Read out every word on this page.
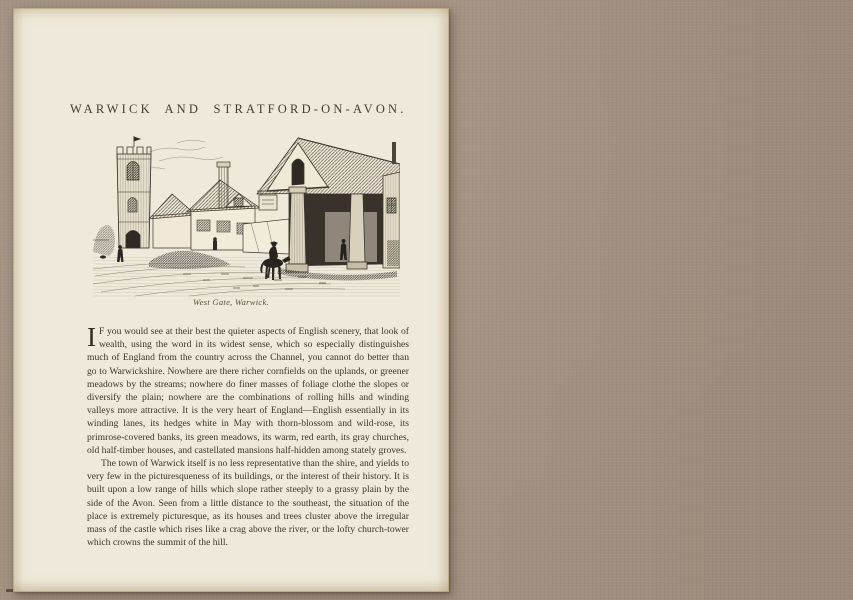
WARWICK AND STRATFORD-ON-AVON.
West Gate, Warwick.

I F you would see at their best the quieter aspects of English scenery, that look of wealth, using the word in its widest sense, which so especially distinguishes much of England from the country across the Channel, you cannot do better than go to Warwickshire. Nowhere are there richer cornfields on the uplands, or greener meadows by the streams; nowhere do finer masses of foliage clothe the slopes or diversify the plain; nowhere are the combinations of rolling hills and winding valleys more attractive. It is the very heart of England—English essentially in its winding lanes, its hedges white in May with thorn-blossom and wild-rose, its primrose-covered banks, its green meadows, its warm, red earth, its gray churches, old half-timber houses, and castellated mansions half-hidden among stately groves.

The town of Warwick itself is no less representative than the shire, and yields to very few in the picturesqueness of its buildings, or the interest of their history. It is built upon a low range of hills which slope rather steeply to a grassy plain by the side of the Avon. Seen from a little distance to the southeast, the situation of the place is extremely picturesque, as its houses and trees cluster above the irregular mass of the castle which rises like a crag above the river, or the lofty church-tower which crowns the summit of the hill.
